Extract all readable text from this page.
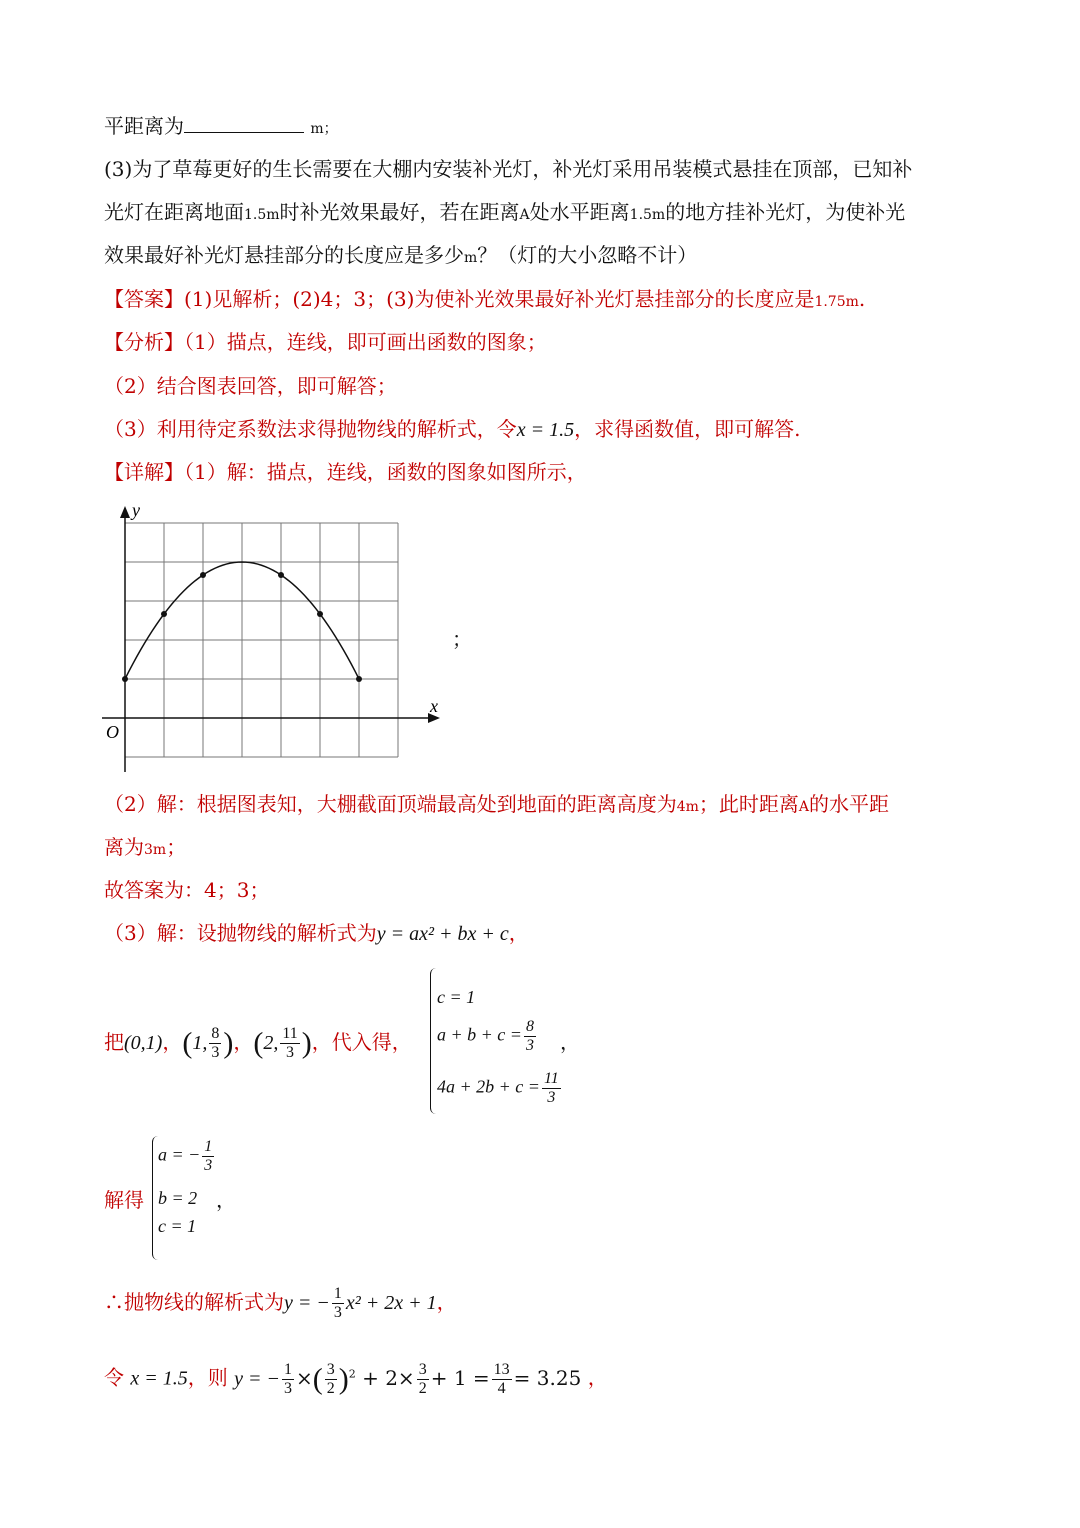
平距离为	m；
(3)为了草莓更好的生长需要在大棚内安装补光灯，补光灯采用吊装模式悬挂在顶部，已知补
光灯在距离地面1.5m时补光效果最好，若在距离A处水平距离1.5m的地方挂补光灯，为使补光
效果最好补光灯悬挂部分的长度应是多少m？（灯的大小忽略不计）
【答案】(1)见解析；(2)4；3；(3)为使补光效果最好补光灯悬挂部分的长度应是1.75m.
【分析】（1）描点，连线，即可画出函数的图象；
（2）结合图表回答，即可解答；
（3）利用待定系数法求得抛物线的解析式，令x = 1.5，求得函数值，即可解答.
【详解】（1）解：描点，连线，函数的图象如图所示，
x
y
O
；
（2）解：根据图表知，大棚截面顶端最高处到地面的距离高度为4m；此时距离A的水平距
离为3m；
故答案为：4；3；
（3）解：设抛物线的解析式为y = ax² + bx + c，
把(0,1)，(1, $\frac{8}{3}$ )，(2, $\frac{11}{3}$ )，代入得，
c = 1
$a + b + c = \frac{8}{3}$
$4a + 2b + c = \frac{11}{3}$
，
解得
a = − $\frac{1}{3}$
b = 2
c = 1
，
∴抛物线的解析式为y = − $\frac{1}{3} x^2 + 2x + 1$，
令 x = 1.5，则 y = − $\frac{1}{3}$ ×( $\frac{3}{2} )^2 + 2\times \frac{3}{2} + 1 = \frac{13}{4} = 3.25$ ，
